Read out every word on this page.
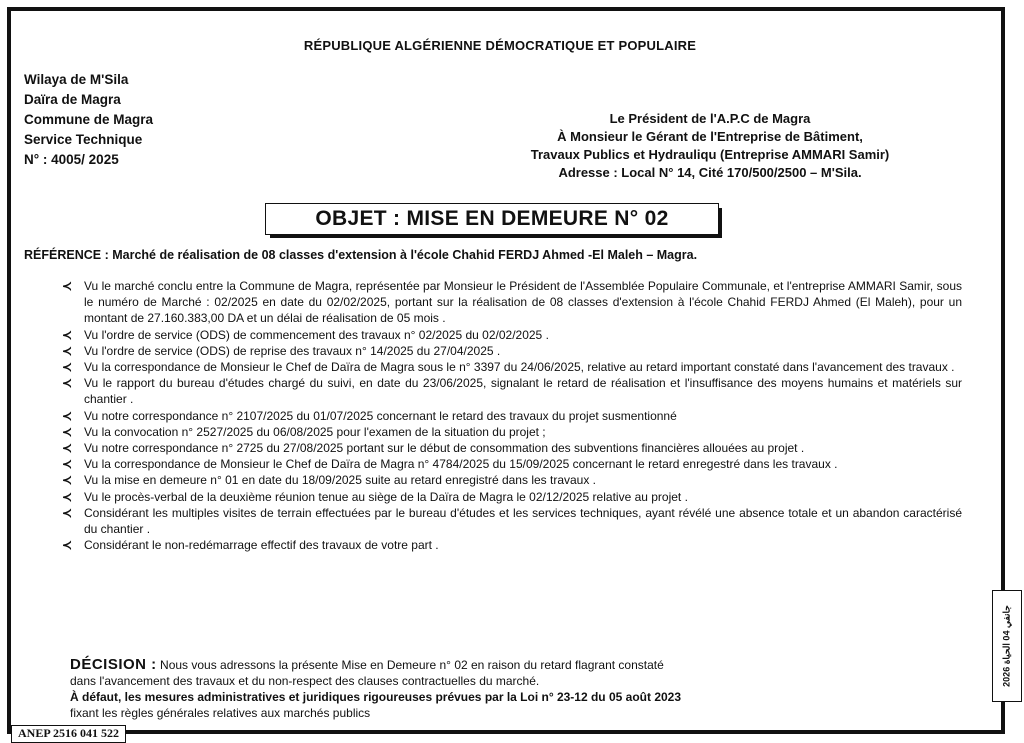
RÉPUBLIQUE ALGÉRIENNE DÉMOCRATIQUE ET POPULAIRE
Wilaya de M'Sila
Daïra de Magra
Commune de Magra
Service Technique
N° : 4005/ 2025
Le Président de l'A.P.C de Magra
À Monsieur le Gérant de l'Entreprise de Bâtiment,
Travaux Publics et Hydrauliqu (Entreprise AMMARI Samir)
Adresse : Local N° 14, Cité 170/500/2500 – M'Sila.
OBJET : MISE EN DEMEURE N° 02
RÉFÉRENCE : Marché de réalisation de 08 classes d'extension à l'école Chahid FERDJ Ahmed -El Maleh – Magra.
≺ Vu le marché conclu entre la Commune de Magra, représentée par Monsieur le Président de l'Assemblée Populaire Communale, et l'entreprise AMMARI Samir, sous le numéro de Marché : 02/2025 en date du 02/02/2025, portant sur la réalisation de 08 classes d'extension à l'école Chahid FERDJ Ahmed (El Maleh), pour un montant de 27.160.383,00 DA et un délai de réalisation de 05 mois .
≺ Vu l'ordre de service (ODS) de commencement des travaux n° 02/2025 du 02/02/2025 .
≺ Vu l'ordre de service (ODS) de reprise des travaux n° 14/2025 du 27/04/2025 .
≺ Vu la correspondance de Monsieur le Chef de Daïra de Magra sous le n° 3397 du 24/06/2025, relative au retard important constaté dans l'avancement des travaux .
≺ Vu le rapport du bureau d'études chargé du suivi, en date du 23/06/2025, signalant le retard de réalisation et l'insuffisance des moyens humains et matériels sur chantier .
≺ Vu notre correspondance n° 2107/2025 du 01/07/2025 concernant le retard des travaux du projet susmentionné
≺ Vu la convocation n° 2527/2025 du 06/08/2025 pour l'examen de la situation du projet ;
≺ Vu notre correspondance n° 2725 du 27/08/2025 portant sur le début de consommation des subventions financières allouées au projet .
≺ Vu la correspondance de Monsieur le Chef de Daïra de Magra n° 4784/2025 du 15/09/2025 concernant le retard enregestré dans les travaux .
≺ Vu la mise en demeure n° 01 en date du 18/09/2025 suite au retard enregistré dans les travaux .
≺ Vu le procès-verbal de la deuxième réunion tenue au siège de la Daïra de Magra le 02/12/2025 relative au projet .
≺ Considérant les multiples visites de terrain effectuées par le bureau d'études et les services techniques, ayant révélé une absence totale et un abandon caractérisé du chantier .
≺ Considérant le non-redémarrage effectif des travaux de votre part .
DÉCISION : Nous vous adressons la présente Mise en Demeure n° 02 en raison du retard flagrant constaté
dans l'avancement des travaux et du non-respect des clauses contractuelles du marché.
À défaut, les mesures administratives et juridiques rigoureuses prévues par la Loi n° 23-12 du 05 août 2023
fixant les règles générales relatives aux marchés publics
ANEP 2516 041 522
2026 جانفي 04 الحياة
